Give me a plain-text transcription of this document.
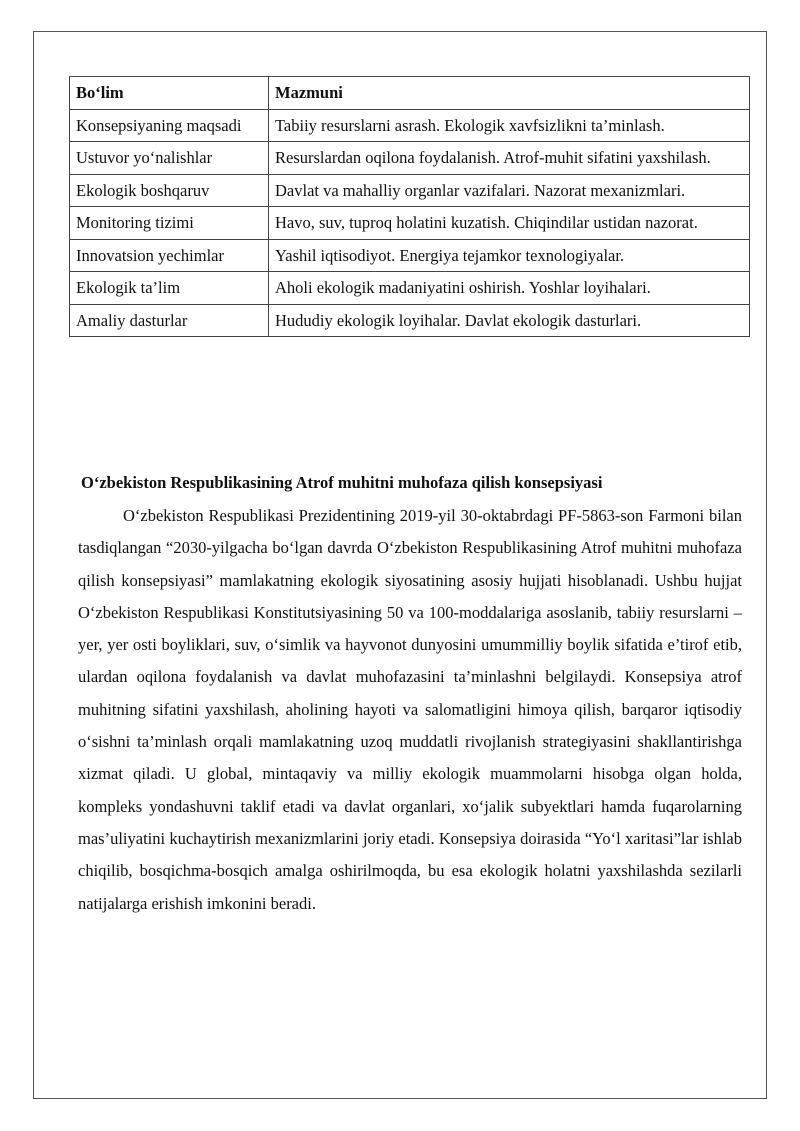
Bo‘lim	Mazmuni
Konsepsiyaning maqsadi	Tabiiy resurslarni asrash. Ekologik xavfsizlikni ta’minlash.
Ustuvor yo‘nalishlar	Resurslardan oqilona foydalanish. Atrof-muhit sifatini yaxshilash.
Ekologik boshqaruv	Davlat va mahalliy organlar vazifalari. Nazorat mexanizmlari.
Monitoring tizimi	Havo, suv, tuproq holatini kuzatish. Chiqindilar ustidan nazorat.
Innovatsion yechimlar	Yashil iqtisodiyot. Energiya tejamkor texnologiyalar.
Ekologik ta’lim	Aholi ekologik madaniyatini oshirish. Yoshlar loyihalari.
Amaliy dasturlar	Hududiy ekologik loyihalar. Davlat ekologik dasturlari.
O‘zbekiston Respublikasining Atrof muhitni muhofaza qilish konsepsiyasi

O‘zbekiston Respublikasi Prezidentining 2019-yil 30-oktabrdagi PF-5863-son Farmoni bilan tasdiqlangan “2030-yilgacha bo‘lgan davrda O‘zbekiston Respublikasining Atrof muhitni muhofaza qilish konsepsiyasi” mamlakatning ekologik siyosatining asosiy hujjati hisoblanadi. Ushbu hujjat O‘zbekiston Respublikasi Konstitutsiyasining 50 va 100-moddalariga asoslanib, tabiiy resurslarni – yer, yer osti boyliklari, suv, o‘simlik va hayvonot dunyosini umummilliy boylik sifatida e’tirof etib, ulardan oqilona foydalanish va davlat muhofazasini ta’minlashni belgilaydi. Konsepsiya atrof muhitning sifatini yaxshilash, aholining hayoti va salomatligini himoya qilish, barqaror iqtisodiy o‘sishni ta’minlash orqali mamlakatning uzoq muddatli rivojlanish strategiyasini shakllantirishga xizmat qiladi. U global, mintaqaviy va milliy ekologik muammolarni hisobga olgan holda, kompleks yondashuvni taklif etadi va davlat organlari, xo‘jalik subyektlari hamda fuqarolarning mas’uliyatini kuchaytirish mexanizmlarini joriy etadi. Konsepsiya doirasida “Yo‘l xaritasi”lar ishlab chiqilib, bosqichma-bosqich amalga oshirilmoqda, bu esa ekologik holatni yaxshilashda sezilarli natijalarga erishish imkonini beradi.
